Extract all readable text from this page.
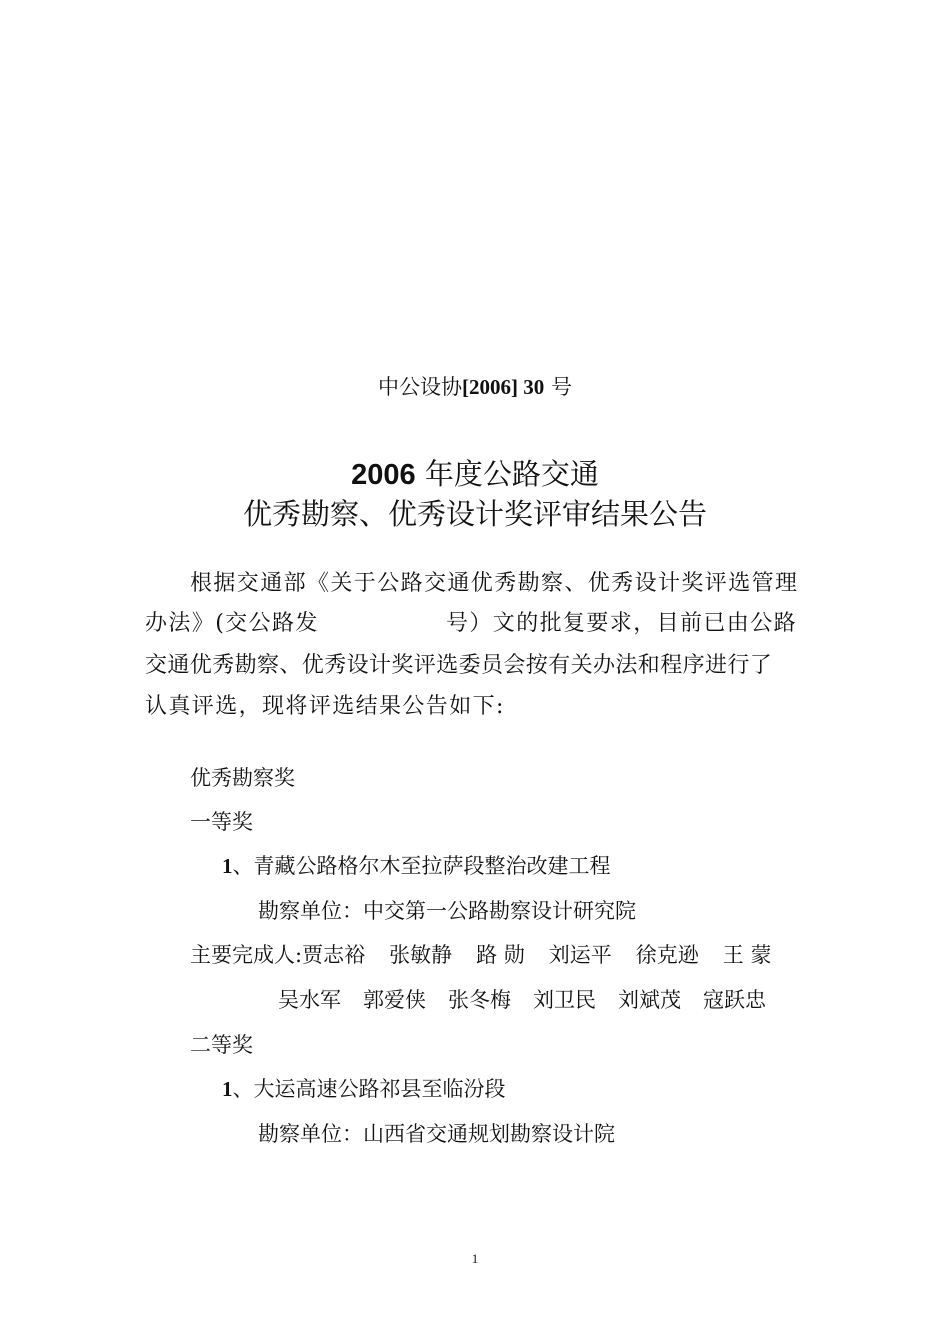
中公设协[2006] 30 号
2006 年度公路交通
优秀勘察、优秀设计奖评审结果公告
根据交通部《关于公路交通优秀勘察、优秀设计奖评选管理
办法》(交公路发	号）文的批复要求，目前已由公路
交通优秀勘察、优秀设计奖评选委员会按有关办法和程序进行了
认真评选，现将评选结果公告如下:
优秀勘察奖
一等奖
1、青藏公路格尔木至拉萨段整治改建工程
勘察单位：中交第一公路勘察设计研究院
主要完成人:贾志裕 张敏静 路 勋 刘运平 徐克逊 王 蒙
吴水军 郭爱侠 张冬梅 刘卫民 刘斌茂 寇跃忠
二等奖
1、大运高速公路祁县至临汾段
勘察单位：山西省交通规划勘察设计院
1
